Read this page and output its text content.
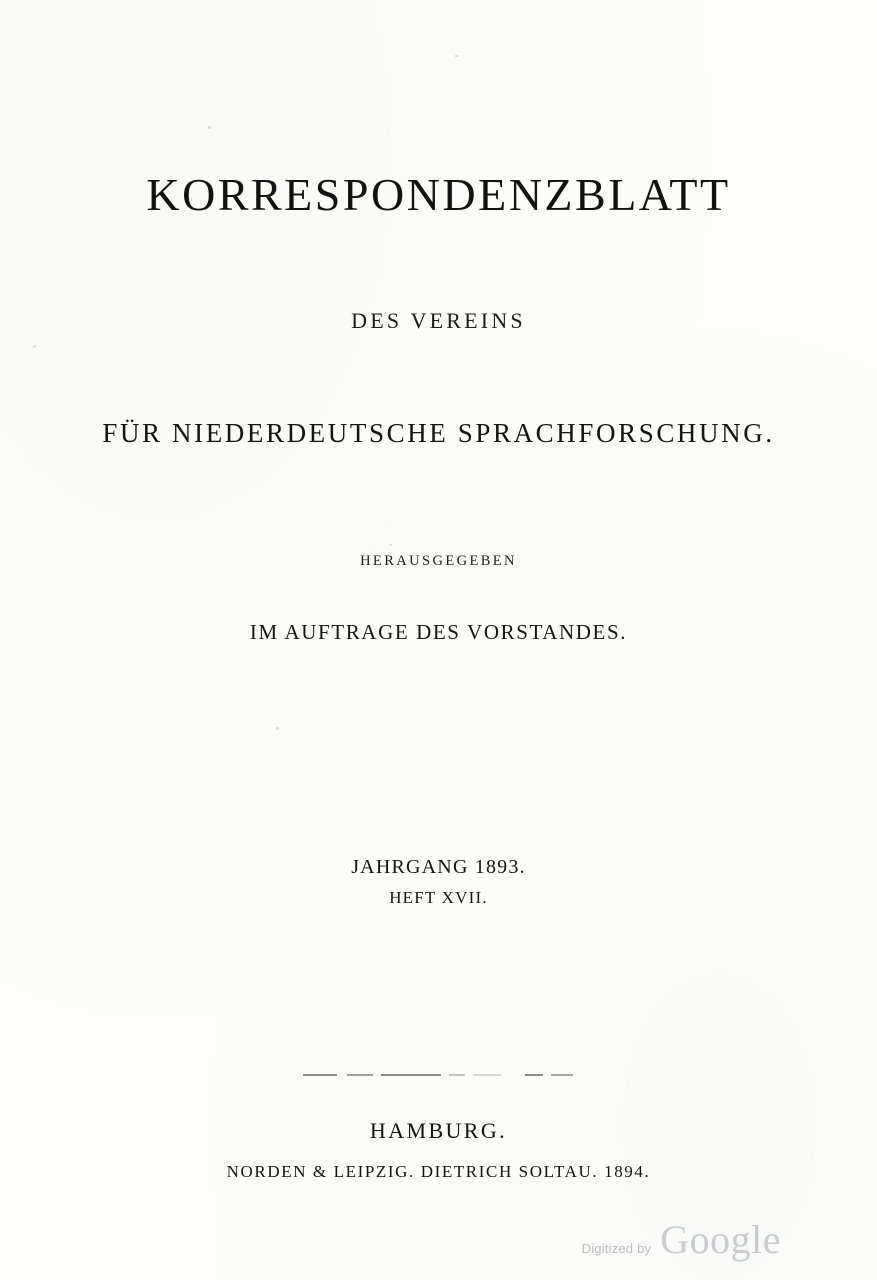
KORRESPONDENZBLATT
DES VEREINS
FÜR NIEDERDEUTSCHE SPRACHFORSCHUNG.
HERAUSGEGEBEN
IM AUFTRAGE DES VORSTANDES.
JAHRGANG 1893.
HEFT XVII.
HAMBURG.
NORDEN & LEIPZIG. DIETRICH SOLTAU. 1894.
Digitized by Google
